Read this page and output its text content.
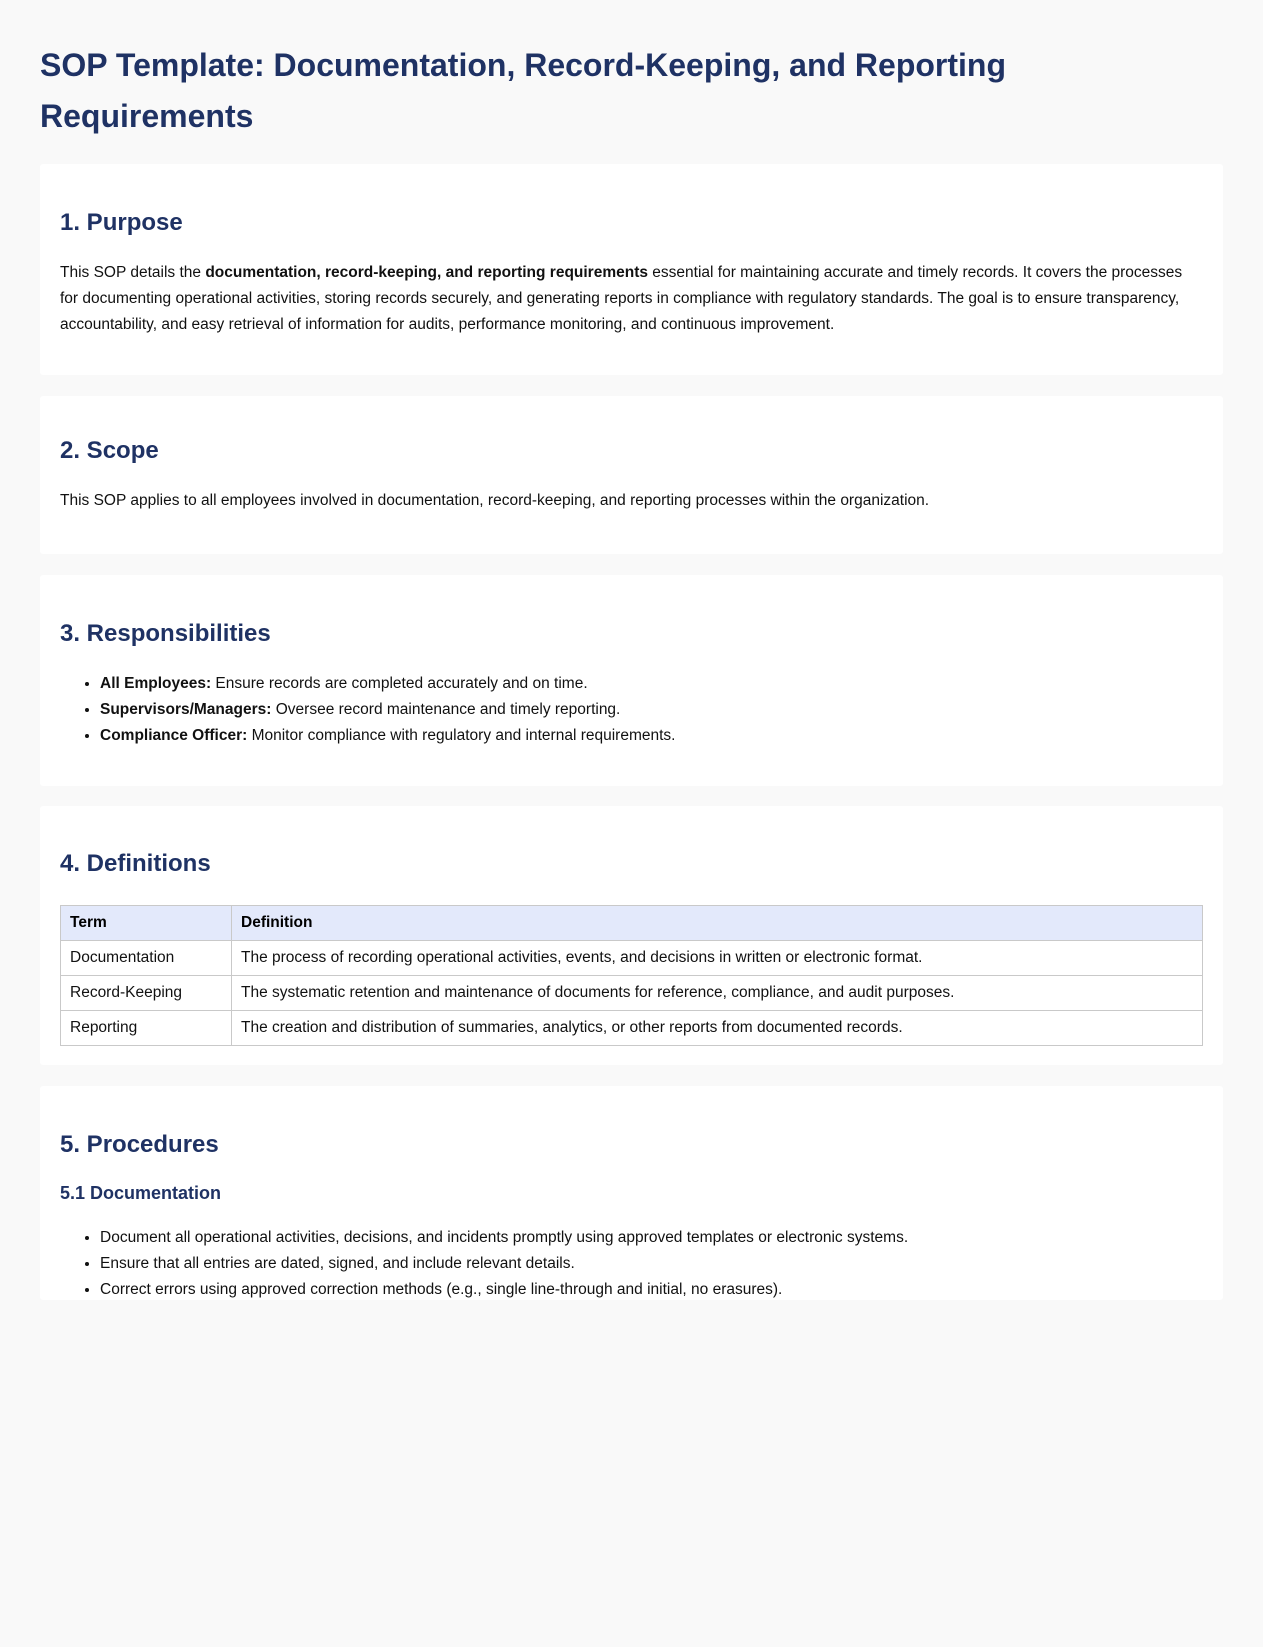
SOP Template: Documentation, Record-Keeping, and Reporting Requirements
1. Purpose

This SOP details the documentation, record-keeping, and reporting requirements essential for maintaining accurate and timely records. It covers the processes for documenting operational activities, storing records securely, and generating reports in compliance with regulatory standards. The goal is to ensure transparency, accountability, and easy retrieval of information for audits, performance monitoring, and continuous improvement.

2. Scope

This SOP applies to all employees involved in documentation, record-keeping, and reporting processes within the organization.

3. Responsibilities
• All Employees: Ensure records are completed accurately and on time.
• Supervisors/Managers: Oversee record maintenance and timely reporting.
• Compliance Officer: Monitor compliance with regulatory and internal requirements.
4. Definitions
Term	Definition
Documentation	The process of recording operational activities, events, and decisions in written or electronic format.
Record-Keeping	The systematic retention and maintenance of documents for reference, compliance, and audit purposes.
Reporting	The creation and distribution of summaries, analytics, or other reports from documented records.
5. Procedures
5.1 Documentation
• Document all operational activities, decisions, and incidents promptly using approved templates or electronic systems.
• Ensure that all entries are dated, signed, and include relevant details.
• Correct errors using approved correction methods (e.g., single line-through and initial, no erasures).
